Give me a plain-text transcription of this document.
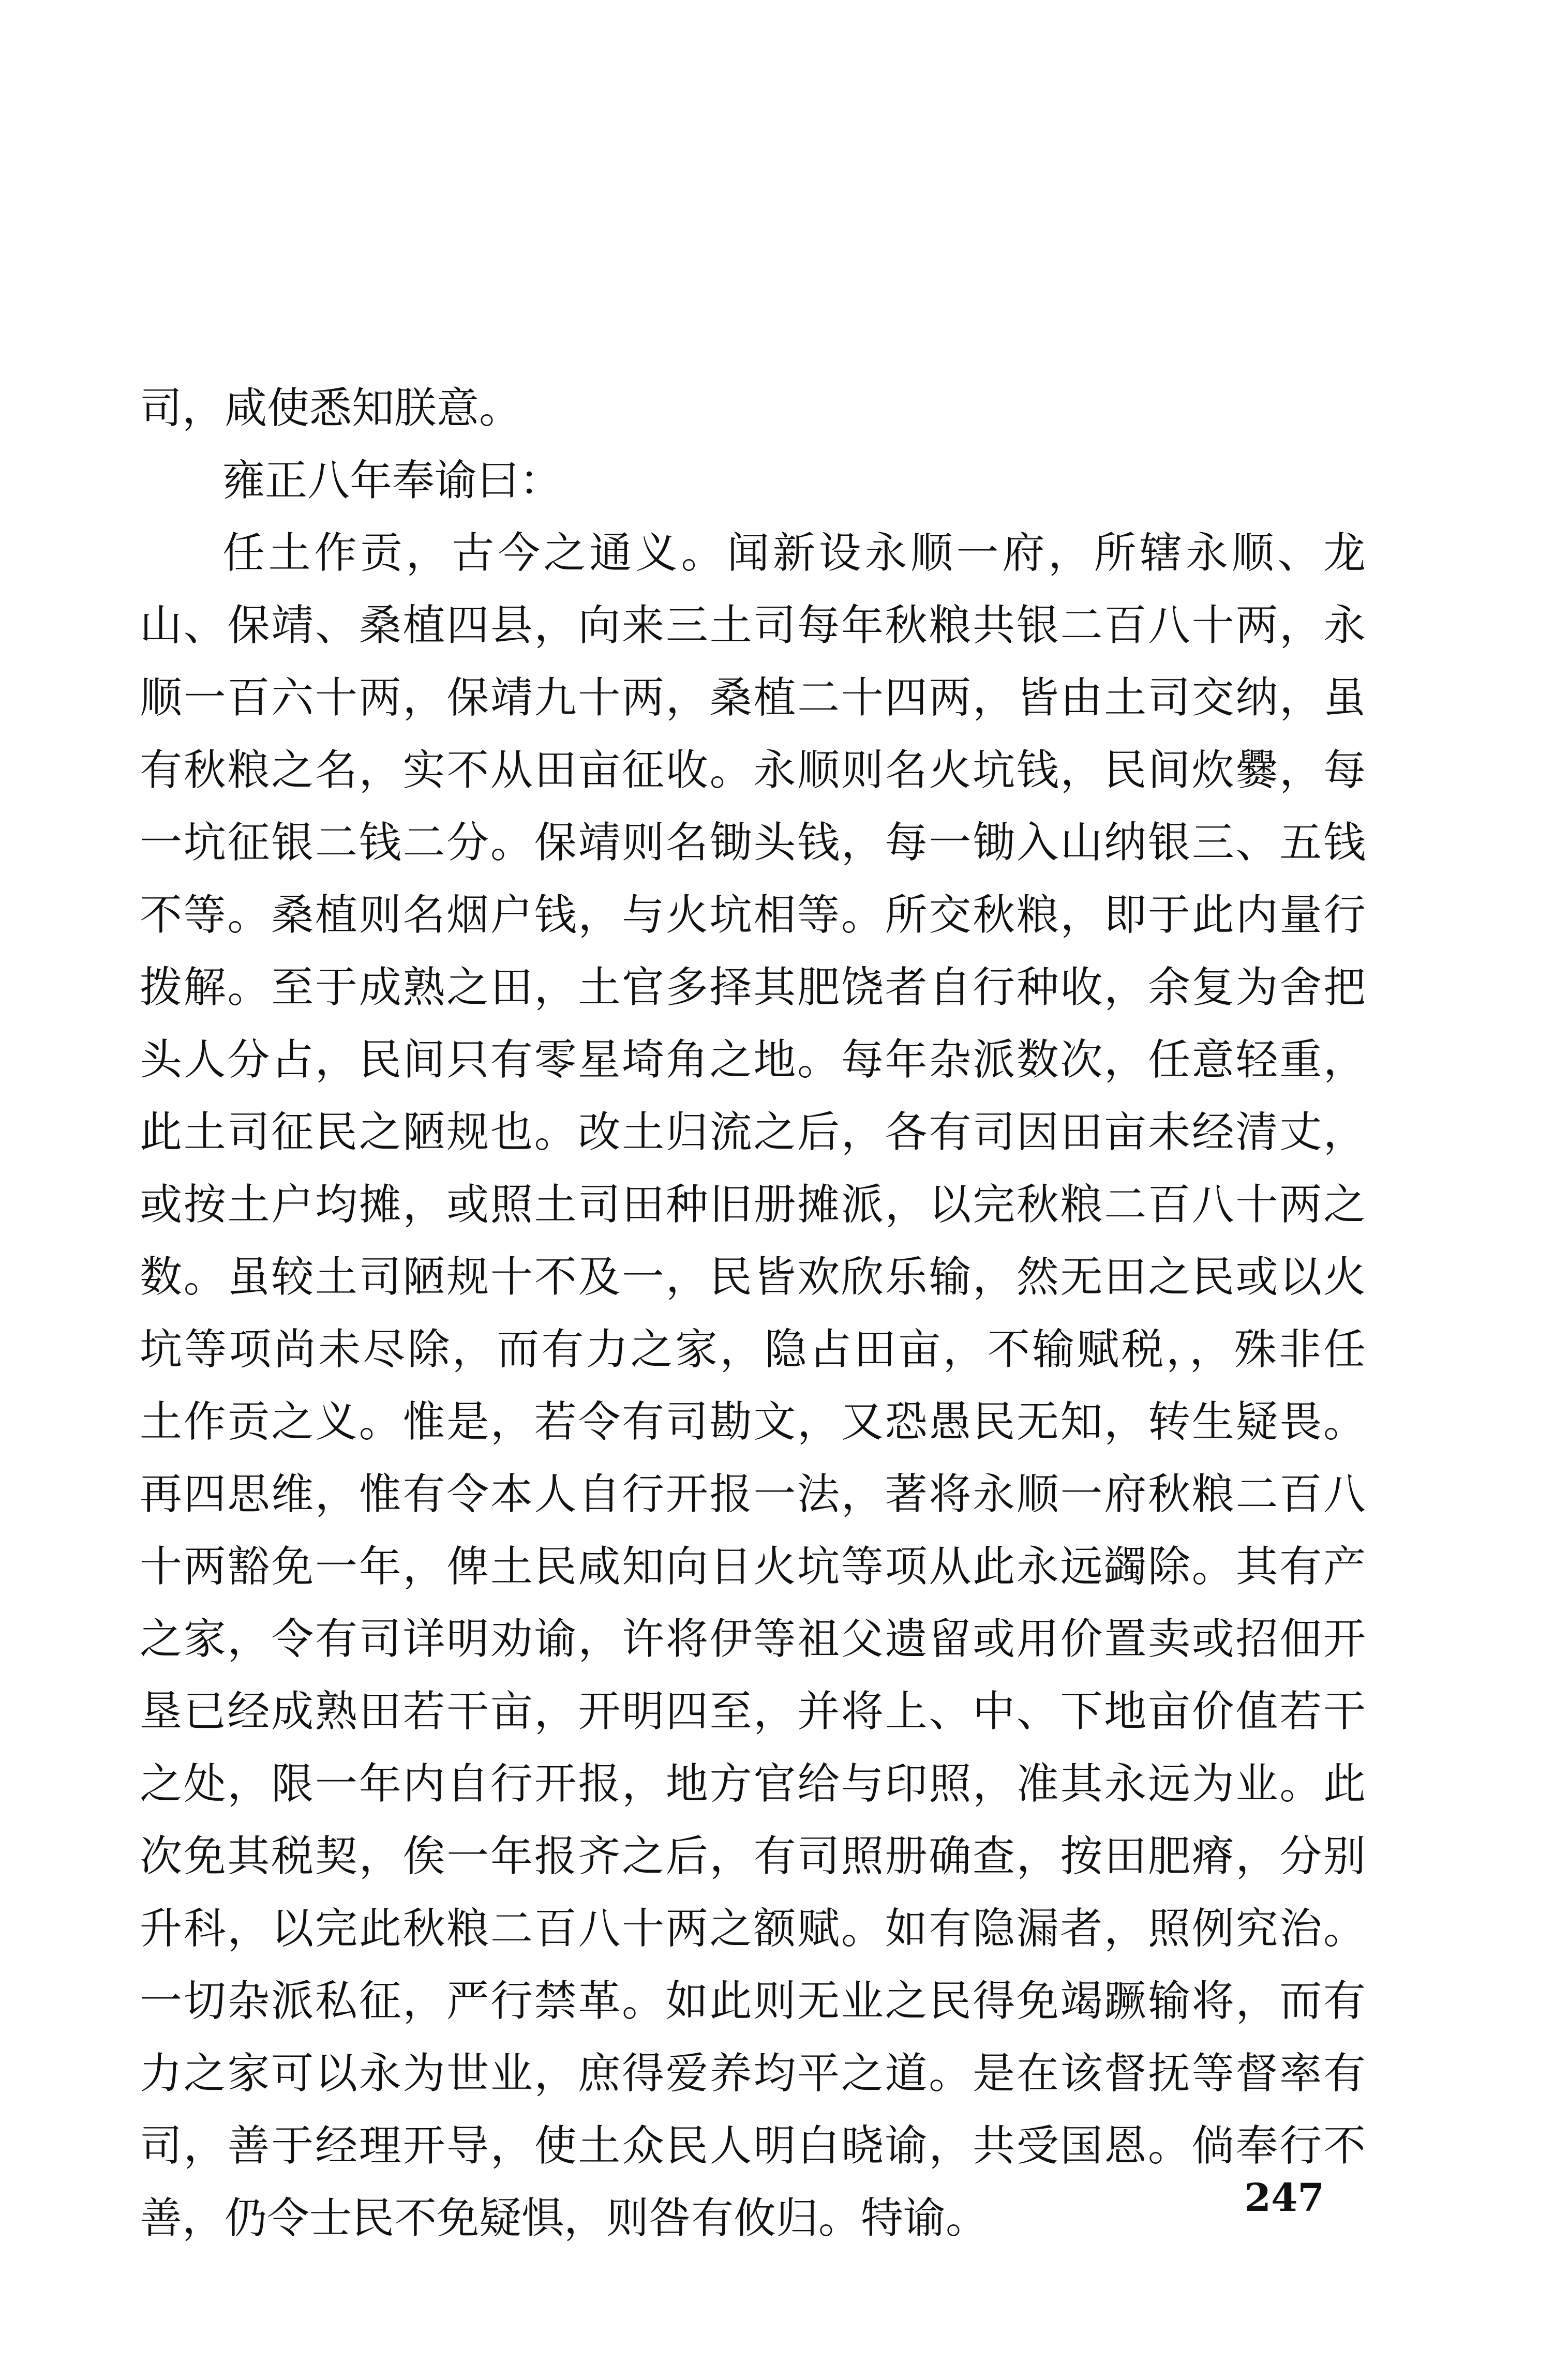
司，咸使悉知朕意。
雍正八年奉谕曰：
任土作贡，古今之通义。闻新设永顺一府，所辖永顺、龙
山、保靖、桑植四县，向来三土司每年秋粮共银二百八十两，永
顺一百六十两，保靖九十两，桑植二十四两，皆由土司交纳，虽
有秋粮之名，实不从田亩征收。永顺则名火坑钱，民间炊爨，每
一坑征银二钱二分。保靖则名锄头钱，每一锄入山纳银三、五钱
不等。桑植则名烟户钱，与火坑相等。所交秋粮，即于此内量行
拨解。至于成熟之田，土官多择其肥饶者自行种收，余复为舍把
头人分占，民间只有零星埼角之地。每年杂派数次，任意轻重，
此土司征民之陋规也。改土归流之后，各有司因田亩未经清丈，
或按土户均摊，或照土司田种旧册摊派，以完秋粮二百八十两之
数。虽较土司陋规十不及一，民皆欢欣乐输，然无田之民或以火
坑等项尚未尽除，而有力之家，隐占田亩，不输赋税，，殊非任
土作贡之义。惟是，若令有司勘文，又恐愚民无知，转生疑畏。
再四思维，惟有令本人自行开报一法，著将永顺一府秋粮二百八
十两豁免一年，俾土民咸知向日火坑等项从此永远蠲除。其有产
之家，令有司详明劝谕，许将伊等祖父遗留或用价置卖或招佃开
垦已经成熟田若干亩，开明四至，并将上、中、下地亩价值若干
之处，限一年内自行开报，地方官给与印照，准其永远为业。此
次免其税契，俟一年报齐之后，有司照册确查，按田肥瘠，分别
升科，以完此秋粮二百八十两之额赋。如有隐漏者，照例究治。
一切杂派私征，严行禁革。如此则无业之民得免竭蹶输将，而有
力之家可以永为世业，庶得爱养均平之道。是在该督抚等督率有
司，善于经理开导，使土众民人明白晓谕，共受国恩。倘奉行不
善，仍令士民不免疑惧，则咎有攸归。特谕。	247
